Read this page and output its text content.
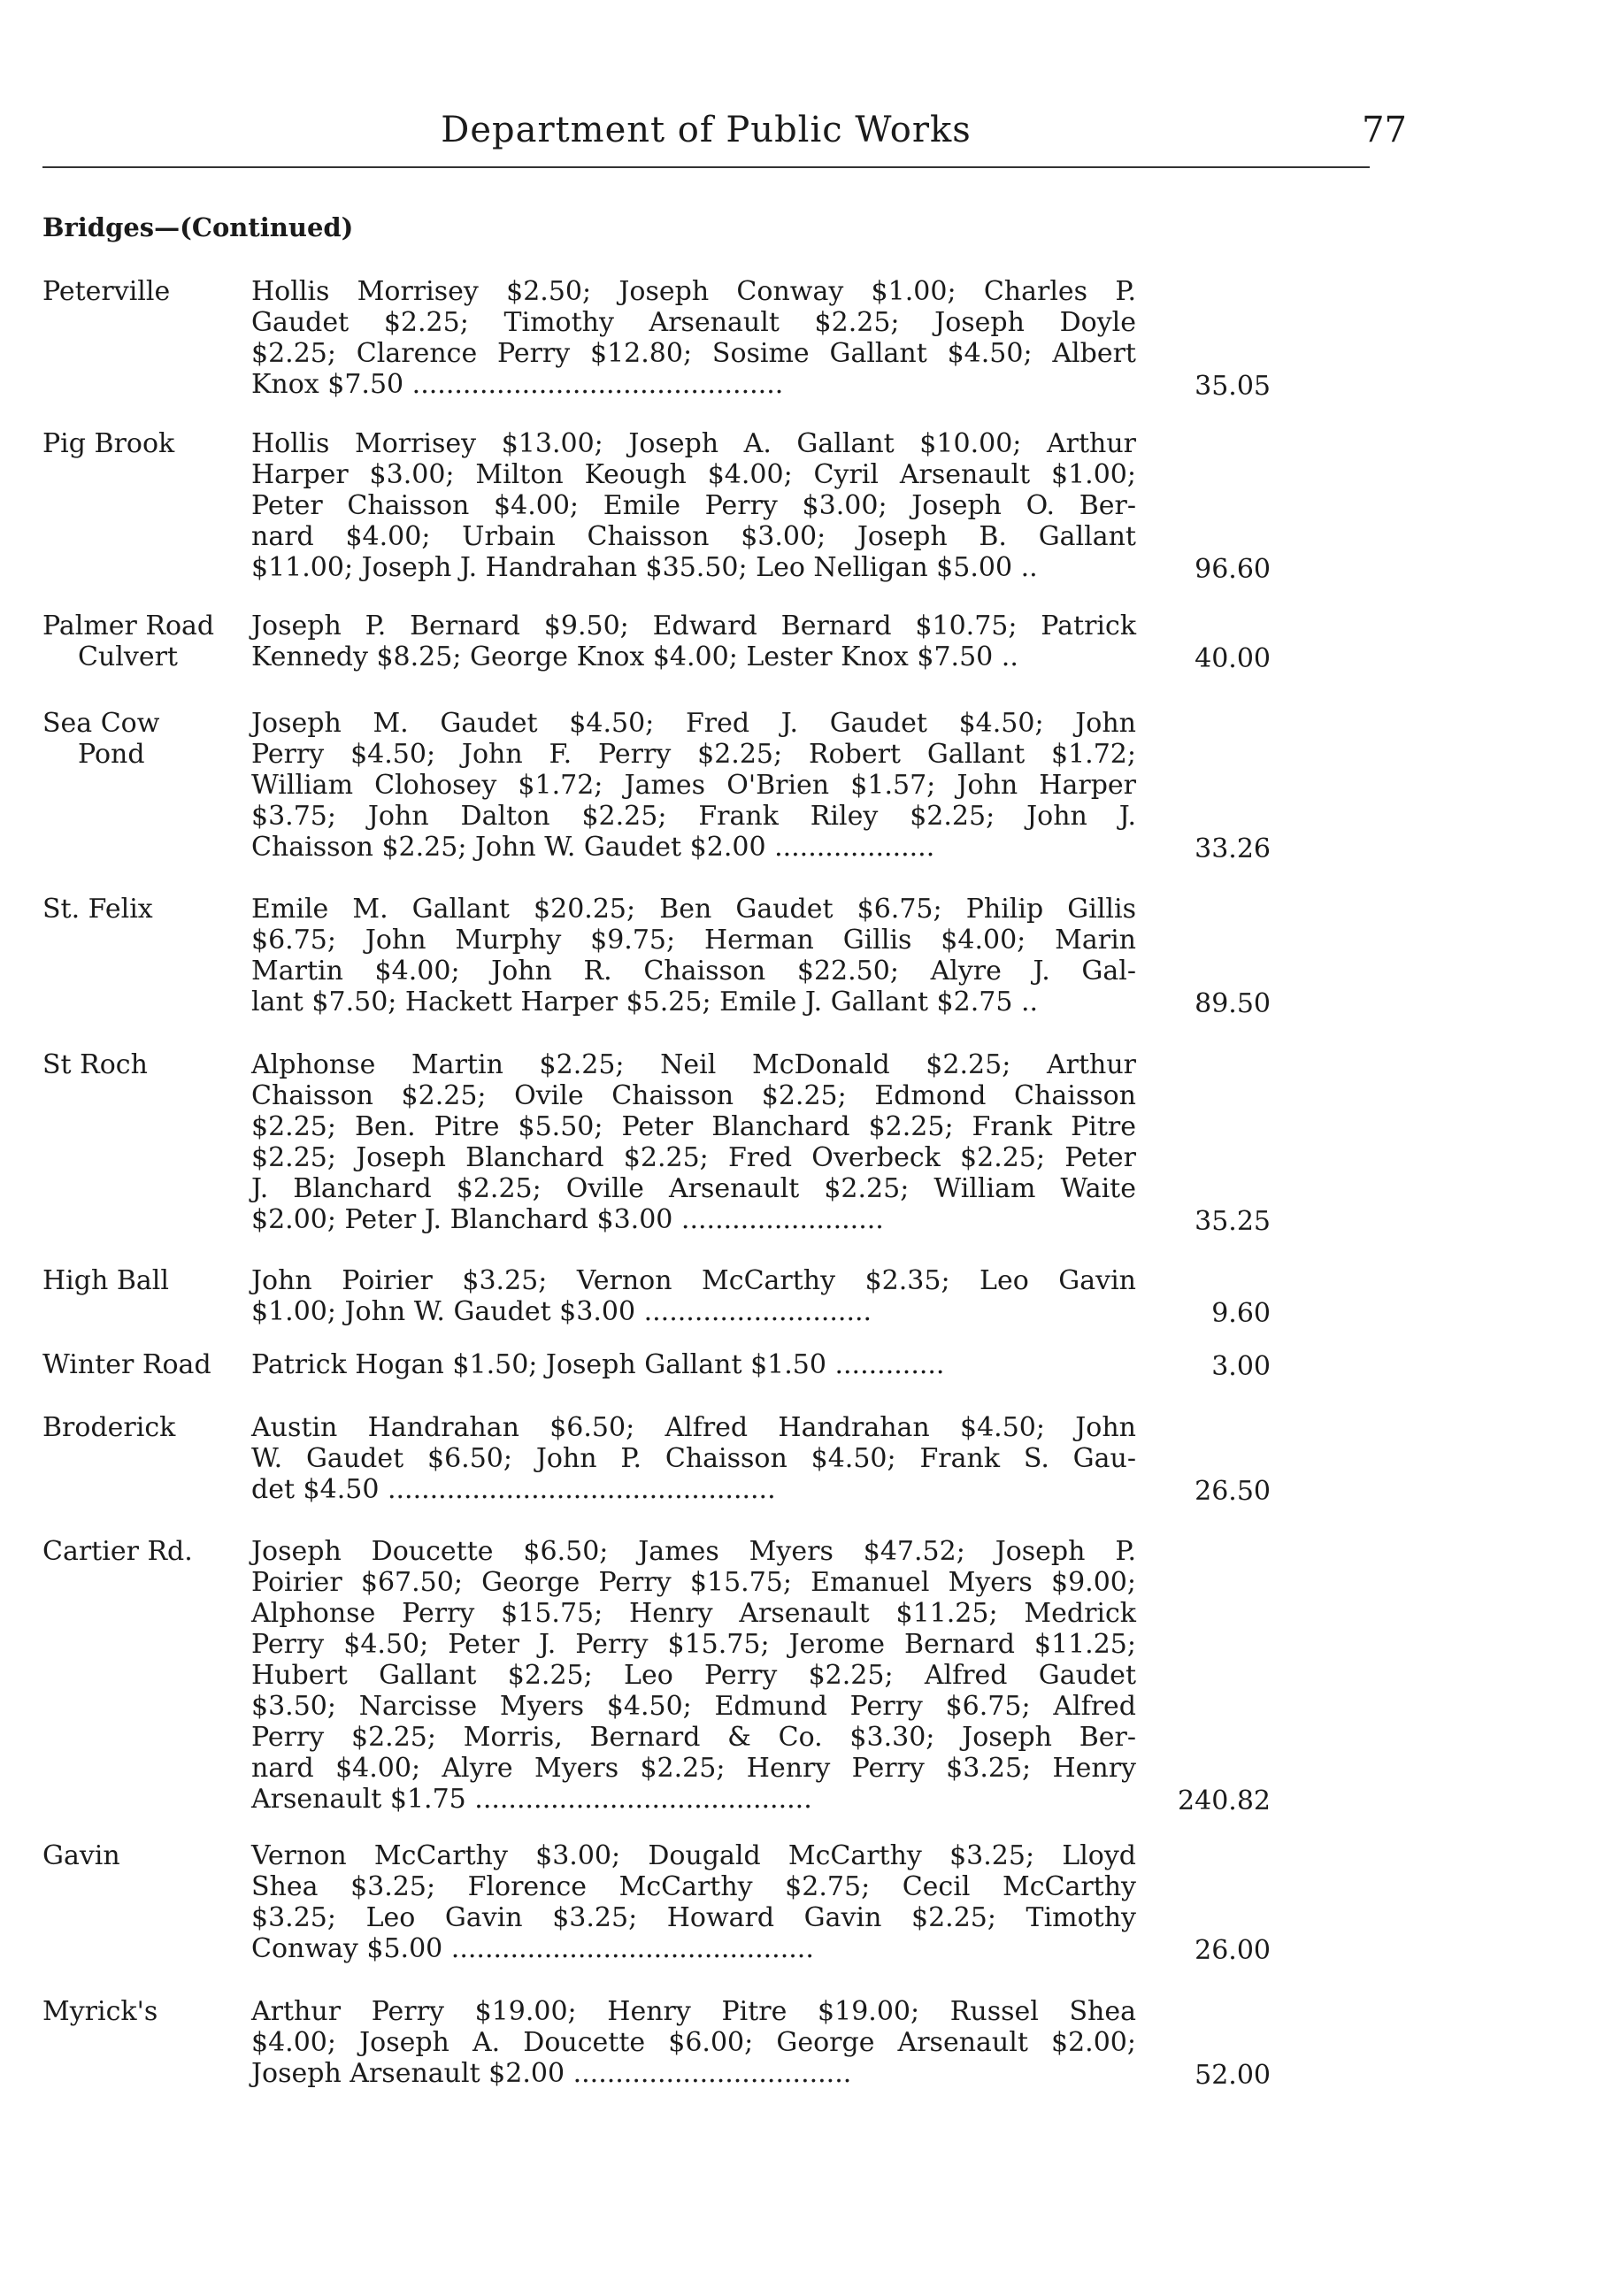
Department of Public Works	77
Bridges—(Continued)
Peterville	Hollis Morrisey $2.50; Joseph Conway $1.00; Charles P.
Gaudet $2.25; Timothy Arsenault $2.25; Joseph Doyle
$2.25; Clarence Perry $12.80; Sosime Gallant $4.50; Albert
Knox $7.50 ............................................	35.05
Pig Brook	Hollis Morrisey $13.00; Joseph A. Gallant $10.00; Arthur
Harper $3.00; Milton Keough $4.00; Cyril Arsenault $1.00;
Peter Chaisson $4.00; Emile Perry $3.00; Joseph O. Ber-
nard $4.00; Urbain Chaisson $3.00; Joseph B. Gallant
$11.00; Joseph J. Handrahan $35.50; Leo Nelligan $5.00 ..	96.60
Palmer Road
Culvert
Joseph P. Bernard $9.50; Edward Bernard $10.75; Patrick
Kennedy $8.25; George Knox $4.00; Lester Knox $7.50 ..	40.00
Sea Cow
Pond
Joseph M. Gaudet $4.50; Fred J. Gaudet $4.50; John
Perry $4.50; John F. Perry $2.25; Robert Gallant $1.72;
William Clohosey $1.72; James O'Brien $1.57; John Harper
$3.75; John Dalton $2.25; Frank Riley $2.25; John J.
Chaisson $2.25; John W. Gaudet $2.00 ...................	33.26
St. Felix	Emile M. Gallant $20.25; Ben Gaudet $6.75; Philip Gillis
$6.75; John Murphy $9.75; Herman Gillis $4.00; Marin
Martin $4.00; John R. Chaisson $22.50; Alyre J. Gal-
lant $7.50; Hackett Harper $5.25; Emile J. Gallant $2.75 ..	89.50
St Roch	Alphonse Martin $2.25; Neil McDonald $2.25; Arthur
Chaisson $2.25; Ovile Chaisson $2.25; Edmond Chaisson
$2.25; Ben. Pitre $5.50; Peter Blanchard $2.25; Frank Pitre
$2.25; Joseph Blanchard $2.25; Fred Overbeck $2.25; Peter
J. Blanchard $2.25; Oville Arsenault $2.25; William Waite
$2.00; Peter J. Blanchard $3.00 ........................	35.25
High Ball	John Poirier $3.25; Vernon McCarthy $2.35; Leo Gavin
$1.00; John W. Gaudet $3.00 ...........................	9.60
Winter Road	Patrick Hogan $1.50; Joseph Gallant $1.50 .............	3.00
Broderick	Austin Handrahan $6.50; Alfred Handrahan $4.50; John
W. Gaudet $6.50; John P. Chaisson $4.50; Frank S. Gau-
det $4.50 ..............................................	26.50
Cartier Rd.	Joseph Doucette $6.50; James Myers $47.52; Joseph P.
Poirier $67.50; George Perry $15.75; Emanuel Myers $9.00;
Alphonse Perry $15.75; Henry Arsenault $11.25; Medrick
Perry $4.50; Peter J. Perry $15.75; Jerome Bernard $11.25;
Hubert Gallant $2.25; Leo Perry $2.25; Alfred Gaudet
$3.50; Narcisse Myers $4.50; Edmund Perry $6.75; Alfred
Perry $2.25; Morris, Bernard & Co. $3.30; Joseph Ber-
nard $4.00; Alyre Myers $2.25; Henry Perry $3.25; Henry
Arsenault $1.75 ........................................	240.82
Gavin	Vernon McCarthy $3.00; Dougald McCarthy $3.25; Lloyd
Shea $3.25; Florence McCarthy $2.75; Cecil McCarthy
$3.25; Leo Gavin $3.25; Howard Gavin $2.25; Timothy
Conway $5.00 ...........................................	26.00
Myrick's	Arthur Perry $19.00; Henry Pitre $19.00; Russel Shea
$4.00; Joseph A. Doucette $6.00; George Arsenault $2.00;
Joseph Arsenault $2.00 .................................	52.00
